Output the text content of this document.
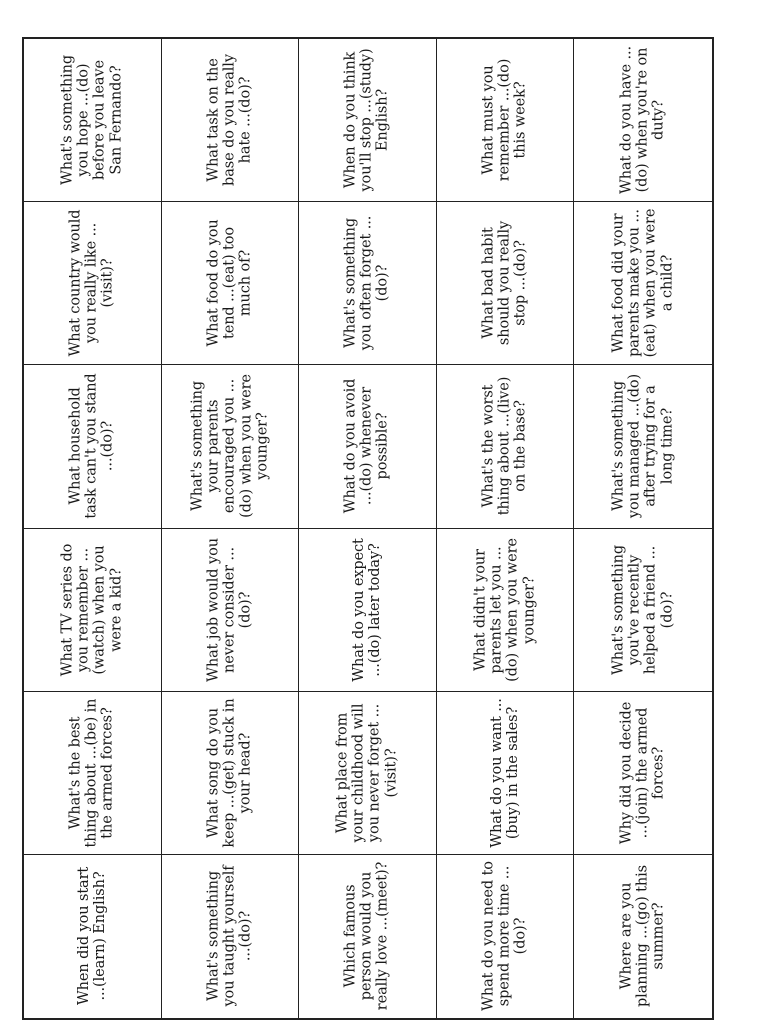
What's something you hope ...(do) before you leave San Fernando?	What task on the base do you really hate ...(do)?	When do you think you'll stop ...(study) English?	What must you remember ...(do) this week?	What do you have ...(do) when you're on duty?
What country would you really like ...(visit)?	What food do you tend ...(eat) too much of?	What's something you often forget ...(do)?	What bad habit should you really stop ...(do)?	What food did your parents make you ...(eat) when you were a child?
What household task can't you stand ...(do)?	What's something your parents encouraged you ...(do) when you were younger?	What do you avoid ...(do) whenever possible?	What's the worst thing about ...(live) on the base?	What's something you managed ...(do) after trying for a long time?
What TV series do you remember ...(watch) when you were a kid?	What job would you never consider ...(do)?	What do you expect ...(do) later today?	What didn't your parents let you ...(do) when you were younger?	What's something you've recently helped a friend ...(do)?
What's the best thing about ...(be) in the armed forces?	What song do you keep ...(get) stuck in your head?	What place from your childhood will you never forget ...(visit)?	What do you want ...(buy) in the sales?	Why did you decide ...(join) the armed forces?
When did you start ...(learn) English?	What's something you taught yourself ...(do)?	Which famous person would you really love ...(meet)?	What do you need to spend more time ...(do)?	Where are you planning ...(go) this summer?
